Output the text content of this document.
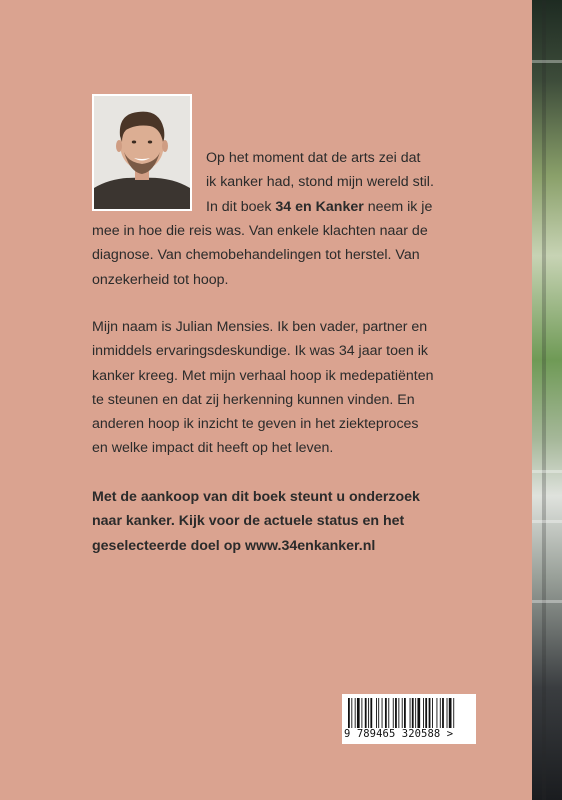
Op het moment dat de arts zei dat
ik kanker had, stond mijn wereld stil.
In dit boek 34 en Kanker neem ik je

mee in hoe die reis was. Van enkele klachten naar de
diagnose. Van chemobehandelingen tot herstel. Van
onzekerheid tot hoop.

Mijn naam is Julian Mensies. Ik ben vader, partner en
inmiddels ervaringsdeskundige. Ik was 34 jaar toen ik
kanker kreeg. Met mijn verhaal hoop ik medepatiënten
te steunen en dat zij herkenning kunnen vinden. En
anderen hoop ik inzicht te geven in het ziekteproces
en welke impact dit heeft op het leven.

Met de aankoop van dit boek steunt u onderzoek
naar kanker. Kijk voor de actuele status en het
geselecteerde doel op www.34enkanker.nl

9 789465 320588 >
